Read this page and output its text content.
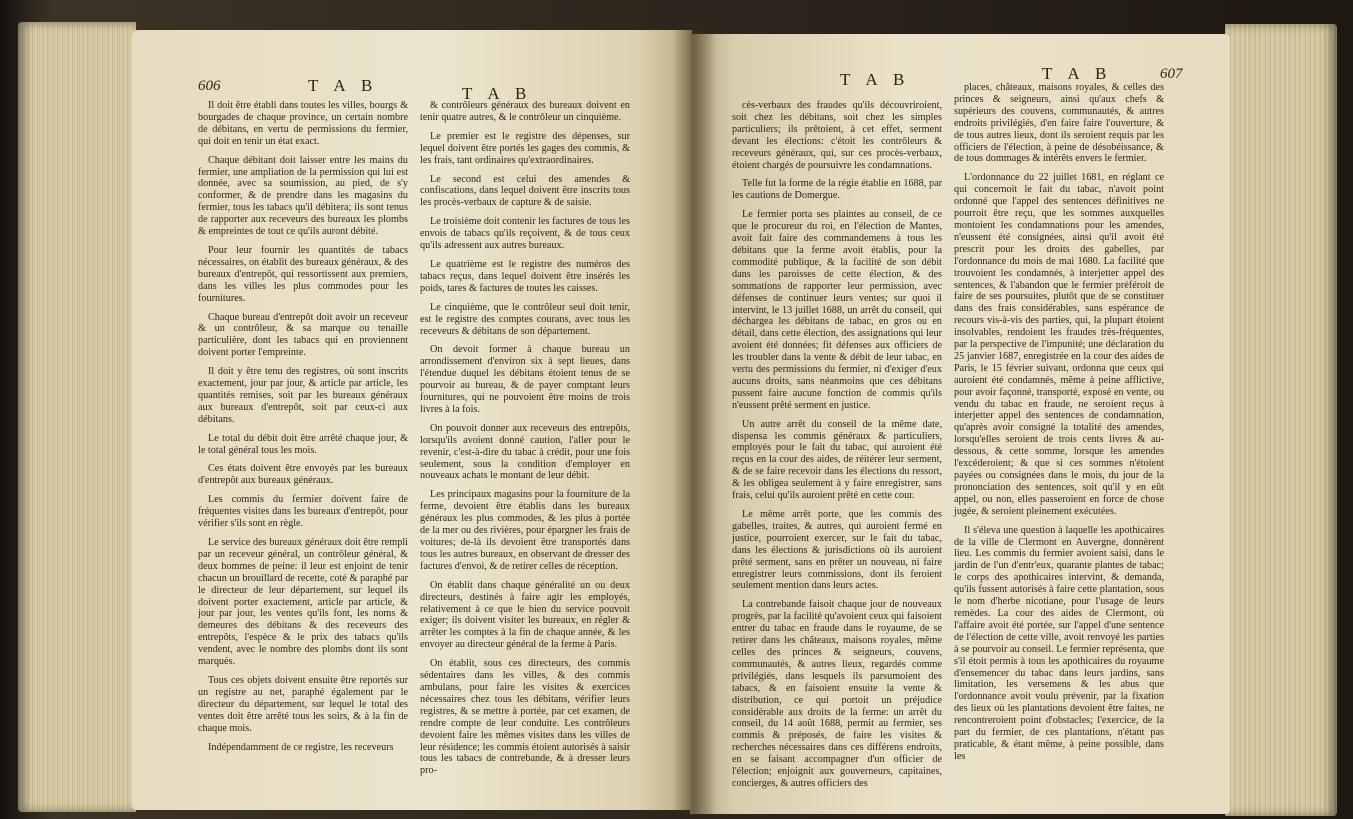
606	T A B	T A B

Il doit être établi dans toutes les villes, bourgs & bourgades de chaque province, un certain nombre de débitans, en vertu de permissions du fermier, qui doit en tenir un état exact.

Chaque débitant doit laisser entre les mains du fermier, une ampliation de la permission qui lui est donnée, avec sa soumission, au pied, de s'y conformer, & de prendre dans les magasins du fermier, tous les tabacs qu'il débitera; ils sont tenus de rapporter aux receveurs des bureaux les plombs & empreintes de tout ce qu'ils auront débité.

Pour leur fournir les quantités de tabacs nécessaires, on établit des bureaux généraux, & des bureaux d'entrepôt, qui ressortissent aux premiers, dans les villes les plus commodes pour les fournitures.

Chaque bureau d'entrepôt doit avoir un receveur & un contrôleur, & sa marque ou tenaille particulière, dont les tabacs qui en proviennent doivent porter l'empreinte.

Il doit y être tenu des registres, où sont inscrits exactement, jour par jour, & article par article, les quantités remises, soit par les bureaux généraux aux bureaux d'entrepôt, soit par ceux-ci aux débitans.

Le total du débit doit être arrêté chaque jour, & le total général tous les mois.

Ces états doivent être envoyés par les bureaux d'entrepôt aux bureaux généraux.

Les commis du fermier doivent faire de fréquentes visites dans les bureaux d'entrepôt, pour vérifier s'ils sont en règle.

Le service des bureaux généraux doit être rempli par un receveur général, un contrôleur général, & deux hommes de peine: il leur est enjoint de tenir chacun un brouillard de recette, coté & paraphé par le directeur de leur département, sur lequel ils doivent porter exactement, article par article, & jour par jour, les ventes qu'ils font, les noms & demeures des débitans & des receveurs des entrepôts, l'espèce & le prix des tabacs qu'ils vendent, avec le nombre des plombs dont ils sont marqués.

Tous ces objets doivent ensuite être reportés sur un registre au net, paraphé également par le directeur du département, sur lequel le total des ventes doit être arrêté tous les soirs, & à la fin de chaque mois.

Indépendamment de ce registre, les receveurs

& contrôleurs généraux des bureaux doivent en tenir quatre autres, & le contrôleur un cinquième.

Le premier est le registre des dépenses, sur lequel doivent être portés les gages des commis, & les frais, tant ordinaires qu'extraordinaires.

Le second est celui des amendes & confiscations, dans lequel doivent être inscrits tous les procès-verbaux de capture & de saisie.

Le troisième doit contenir les factures de tous les envois de tabacs qu'ils reçoivent, & de tous ceux qu'ils adressent aux autres bureaux.

Le quatrième est le registre des numéros des tabacs reçus, dans lequel doivent être insérés les poids, tares & factures de toutes les caisses.

Le cinquième, que le contrôleur seul doit tenir, est le registre des comptes courans, avec tous les receveurs & débitans de son département.

On devoit former à chaque bureau un arrondissement d'environ six à sept lieues, dans l'étendue duquel les débitans étoient tenus de se pourvoir au bureau, & de payer comptant leurs fournitures, qui ne pouvoient être moins de trois livres à la fois.

On pouvoit donner aux receveurs des entrepôts, lorsqu'ils avoient donné caution, l'aller pour le revenir, c'est-à-dire du tabac à crédit, pour une fois seulement, sous la condition d'employer en nouveaux achats le montant de leur débit.

Les principaux magasins pour la fourniture de la ferme, devoient être établis dans les bureaux généraux les plus commodes, & les plus à portée de la mer ou des rivières, pour épargner les frais de voitures; de-là ils devoient être transportés dans tous les autres bureaux, en observant de dresser des factures d'envoi, & de retirer celles de réception.

On établit dans chaque généralité un ou deux directeurs, destinés à faire agir les employés, relativement à ce que le bien du service pouvoit exiger; ils doivent visiter les bureaux, en régler & arrêter les comptes à la fin de chaque année, & les envoyer au directeur général de la ferme à Paris.

On établit, sous ces directeurs, des commis sédentaires dans les villes, & des commis ambulans, pour faire les visites & exercices nécessaires chez tous les débitans, vérifier leurs registres, & se mettre à portée, par cet examen, de rendre compte de leur conduite. Les contrôleurs devoient faire les mêmes visites dans les villes de leur résidence; les commis étoient autorisés à saisir tous les tabacs de contrebande, & à dresser leurs pro-

T A B	T A B	607

cès-verbaux des fraudes qu'ils découvriroient, soit chez les débitans, soit chez les simples particuliers; ils prêtoient, à cet effet, serment devant les élections: c'étoit les contrôleurs & receveurs généraux, qui, sur ces procès-verbaux, étoient chargés de poursuivre les condamnations.

Telle fut la forme de la régie établie en 1688, par les cautions de Domergue.

Le fermier porta ses plaintes au conseil, de ce que le procureur du roi, en l'élection de Mantes, avoit fait faire des commandemens à tous les débitans que la ferme avoit établis, pour la commodité publique, & la facilité de son débit dans les paroisses de cette élection, & des sommations de rapporter leur permission, avec défenses de continuer leurs ventes; sur quoi il intervint, le 13 juillet 1688, un arrêt du conseil, qui déchargea les débitans de tabac, en gros ou en détail, dans cette élection, des assignations qui leur avoient été données; fit défenses aux officiers de les troubler dans la vente & débit de leur tabac, en vertu des permissions du fermier, ni d'exiger d'eux aucuns droits, sans néanmoins que ces débitans pussent faire aucune fonction de commis qu'ils n'eussent prêté serment en justice.

Un autre arrêt du conseil de la même date, dispensa les commis généraux & particuliers, employés pour le fait du tabac, qui auroient été reçus en la cour des aides, de réitérer leur serment, & de se faire recevoir dans les élections du ressort, & les obligea seulement à y faire enregistrer, sans frais, celui qu'ils auroient prêté en cette cour.

Le même arrêt porte, que les commis des gabelles, traites, & autres, qui auroient fermé en justice, pourroient exercer, sur le fait du tabac, dans les élections & jurisdictions où ils auroient prêté serment, sans en prêter un nouveau, ni faire enregistrer leurs commissions, dont ils feroient seulement mention dans leurs actes.

La contrebande faisoit chaque jour de nouveaux progrès, par la facilité qu'avoient ceux qui faisoient entrer du tabac en fraude dans le royaume, de se retirer dans les châteaux, maisons royales, même celles des princes & seigneurs, couvens, communautés, & autres lieux, regardés comme privilégiés, dans lesquels ils parsumoient des tabacs, & en faisoient ensuite la vente & distribution, ce qui portoit un préjudice considérable aux droits de la ferme: un arrêt du conseil, du 14 août 1688, permit au fermier, ses commis & préposés, de faire les visites & recherches nécessaires dans ces différens endroits, en se faisant accompagner d'un officier de l'élection; enjoignit aux gouverneurs, capitaines, concierges, & autres officiers des

places, châteaux, maisons royales, & celles des princes & seigneurs, ainsi qu'aux chefs & supérieurs des couvens, communautés, & autres endroits privilégiés, d'en faire faire l'ouverture, & de tous autres lieux, dont ils seroient requis par les officiers de l'élection, à peine de désobéissance, & de tous dommages & intérêts envers le fermier.

L'ordonnance du 22 juillet 1681, en réglant ce qui concernoit le fait du tabac, n'avoit point ordonné que l'appel des sentences définitives ne pourroit être reçu, que les sommes auxquelles montoient les condamnations pour les amendes, n'eussent été consignées, ainsi qu'il avoit été prescrit pour les droits des gabelles, par l'ordonnance du mois de mai 1680. La facilité que trouvoient les condamnés, à interjetter appel des sentences, & l'abandon que le fermier préféroit de faire de ses poursuites, plutôt que de se constituer dans des frais considérables, sans espérance de recours vis-à-vis des parties, qui, la plupart étoient insolvables, rendoient les fraudes très-fréquentes, par la perspective de l'impunité; une déclaration du 25 janvier 1687, enregistrée en la cour des aides de Paris, le 15 février suivant, ordonna que ceux qui auroient été condamnés, même à peine afflictive, pour avoir façonné, transporté, exposé en vente, ou vendu du tabac en fraude, ne seroient reçus à interjetter appel des sentences de condamnation, qu'après avoir consigné la totalité des amendes, lorsqu'elles seroient de trois cents livres & au-dessous, & cette somme, lorsque les amendes l'excéderoient; & que si ces sommes n'étoient payées ou consignées dans le mois, du jour de la prononciation des sentences, soit qu'il y en eût appel, ou non, elles passeroient en force de chose jugée, & seroient pleinement exécutées.

Il s'éleva une question à laquelle les apothicaires de la ville de Clermont en Auvergne, donnèrent lieu. Les commis du fermier avoient saisi, dans le jardin de l'un d'entr'eux, quarante plantes de tabac; le corps des apothicaires intervint, & demanda, qu'ils fussent autorisés à faire cette plantation, sous le nom d'herbe nicotiane, pour l'usage de leurs remèdes. La cour des aides de Clermont, où l'affaire avoit été portée, sur l'appel d'une sentence de l'élection de cette ville, avoit renvoyé les parties à se pourvoir au conseil. Le fermier représenta, que s'il étoit permis à tous les apothicaires du royaume d'ensemencer du tabac dans leurs jardins, sans limitation, les versemens & les abus que l'ordonnance avoit voulu prévenir, par la fixation des lieux où les plantations devoient être faites, ne rencontreroient point d'obstacles; l'exercice, de la part du fermier, de ces plantations, n'étant pas praticable, & étant même, à peine possible, dans les
